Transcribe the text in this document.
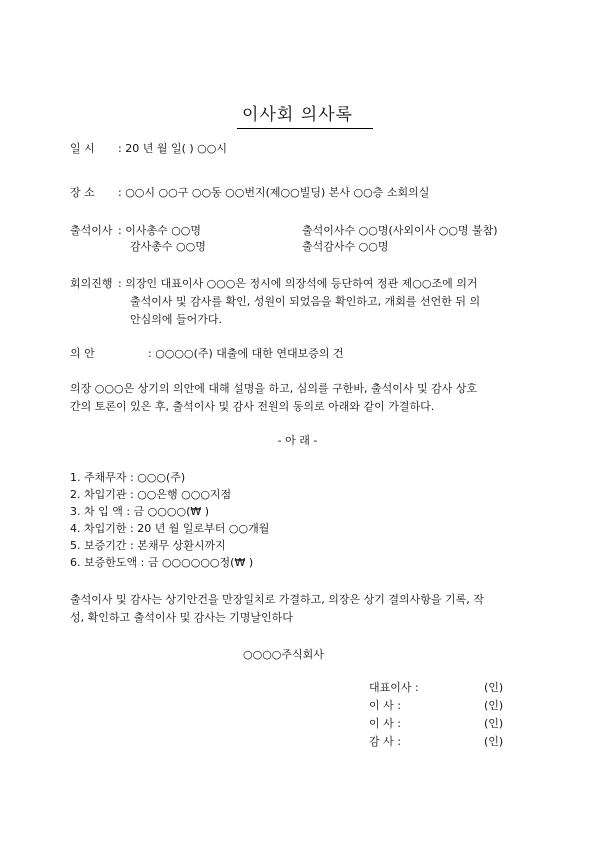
이사회 의사록
일 시 : 20 년 월 일( ) ○○시
장 소 : ○○시 ○○구 ○○동 ○○번지(제○○빌딩) 본사 ○○층 소회의실
출석이사 : 이사총수 ○○명	출석이사수 ○○명(사외이사 ○○명 불참)
감사총수 ○○명	출석감사수 ○○명
회의진행 : 의장인 대표이사 ○○○은 정시에 의장석에 등단하여 정관 제○○조에 의거
출석이사 및 감사를 확인, 성원이 되었음을 확인하고, 개회를 선언한 뒤 의
안심의에 들어가다.
의 안	: ○○○○(주) 대출에 대한 연대보증의 건
의장 ○○○은 상기의 의안에 대해 설명을 하고, 심의를 구한바, 출석이사 및 감사 상호
간의 토론이 있은 후, 출석이사 및 감사 전원의 동의로 아래와 같이 가결하다.
- 아 래 -
1. 주채무자 : ○○○(주)
2. 차입기관 : ○○은행 ○○○지점
3. 차 입 액 : 금 ○○○○(₩ )
4. 차입기한 : 20 년 월 일로부터 ○○개월
5. 보증기간 : 본채무 상환시까지
6. 보증한도액 : 금 ○○○○○○정(₩ )
출석이사 및 감사는 상기안건을 만장일치로 가결하고, 의장은 상기 결의사항을 기록, 작
성, 확인하고 출석이사 및 감사는 기명날인하다
○○○○주식회사
대표이사 :	(인)
이 사 :	(인)
이 사 :	(인)
감 사 :	(인)
